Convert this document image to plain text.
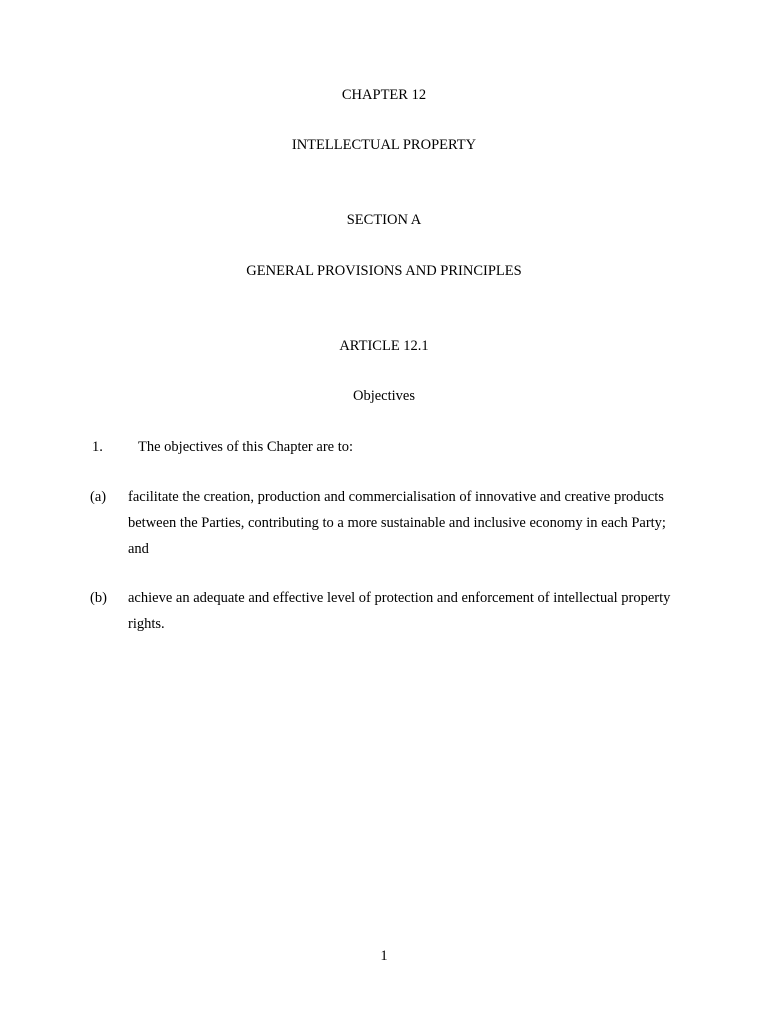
CHAPTER 12
INTELLECTUAL PROPERTY
SECTION A
GENERAL PROVISIONS AND PRINCIPLES
ARTICLE 12.1
Objectives
1. The objectives of this Chapter are to:
(a) facilitate the creation, production and commercialisation of innovative and creative products between the Parties, contributing to a more sustainable and inclusive economy in each Party; and
(b) achieve an adequate and effective level of protection and enforcement of intellectual property rights.
1
